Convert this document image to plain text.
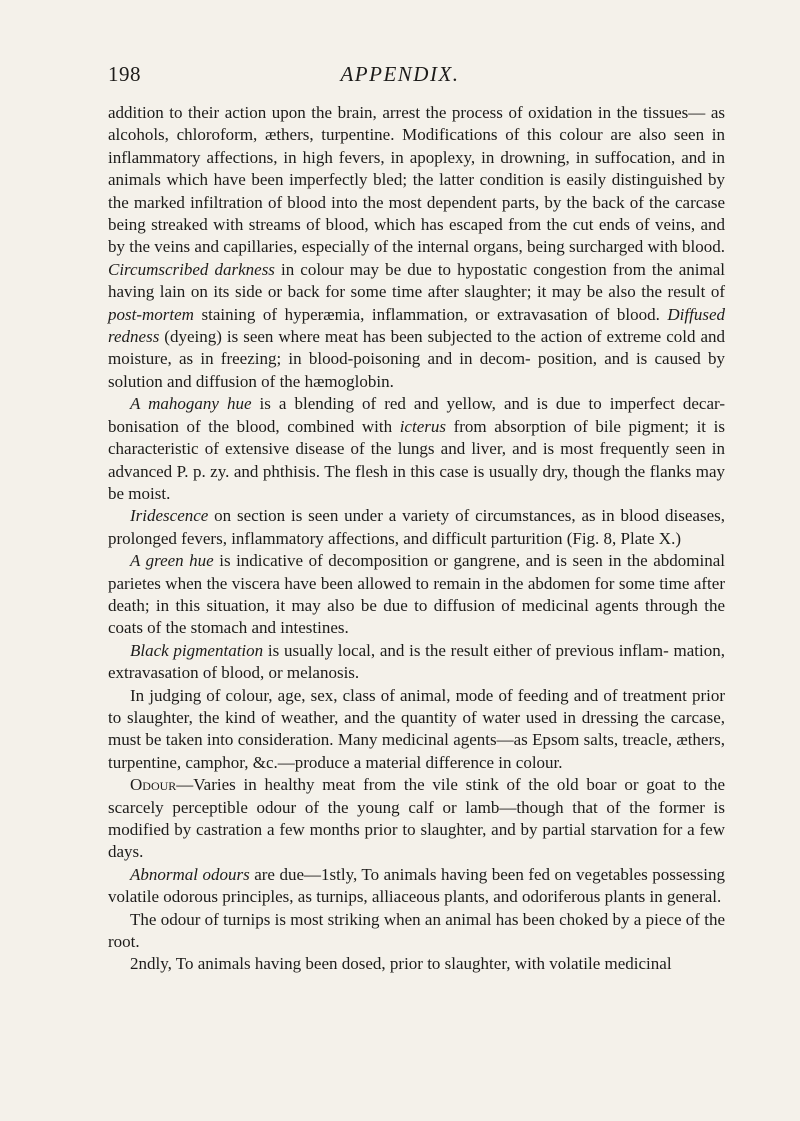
198	APPENDIX.

addition to their action upon the brain, arrest the process of oxidation in the tissues— as alcohols, chloroform, æthers, turpentine. Modifications of this colour are also seen in inflammatory affections, in high fevers, in apoplexy, in drowning, in suffocation, and in animals which have been imperfectly bled; the latter condition is easily distinguished by the marked infiltration of blood into the most dependent parts, by the back of the carcase being streaked with streams of blood, which has escaped from the cut ends of veins, and by the veins and capillaries, especially of the internal organs, being surcharged with blood. Circumscribed darkness in colour may be due to hypostatic congestion from the animal having lain on its side or back for some time after slaughter; it may be also the result of post-mortem staining of hyperæmia, inflammation, or extravasation of blood. Diffused redness (dyeing) is seen where meat has been subjected to the action of extreme cold and moisture, as in freezing; in blood-poisoning and in decom- position, and is caused by solution and diffusion of the hæmoglobin.

A mahogany hue is a blending of red and yellow, and is due to imperfect decar- bonisation of the blood, combined with icterus from absorption of bile pigment; it is characteristic of extensive disease of the lungs and liver, and is most frequently seen in advanced P. p. zy. and phthisis. The flesh in this case is usually dry, though the flanks may be moist.

Iridescence on section is seen under a variety of circumstances, as in blood diseases, prolonged fevers, inflammatory affections, and difficult parturition (Fig. 8, Plate X.)

A green hue is indicative of decomposition or gangrene, and is seen in the abdominal parietes when the viscera have been allowed to remain in the abdomen for some time after death; in this situation, it may also be due to diffusion of medicinal agents through the coats of the stomach and intestines.

Black pigmentation is usually local, and is the result either of previous inflam- mation, extravasation of blood, or melanosis.

In judging of colour, age, sex, class of animal, mode of feeding and of treatment prior to slaughter, the kind of weather, and the quantity of water used in dressing the carcase, must be taken into consideration. Many medicinal agents—as Epsom salts, treacle, æthers, turpentine, camphor, &c.—produce a material difference in colour.

Odour—Varies in healthy meat from the vile stink of the old boar or goat to the scarcely perceptible odour of the young calf or lamb—though that of the former is modified by castration a few months prior to slaughter, and by partial starvation for a few days.

Abnormal odours are due—1stly, To animals having been fed on vegetables possessing volatile odorous principles, as turnips, alliaceous plants, and odoriferous plants in general.

The odour of turnips is most striking when an animal has been choked by a piece of the root.

2ndly, To animals having been dosed, prior to slaughter, with volatile medicinal
